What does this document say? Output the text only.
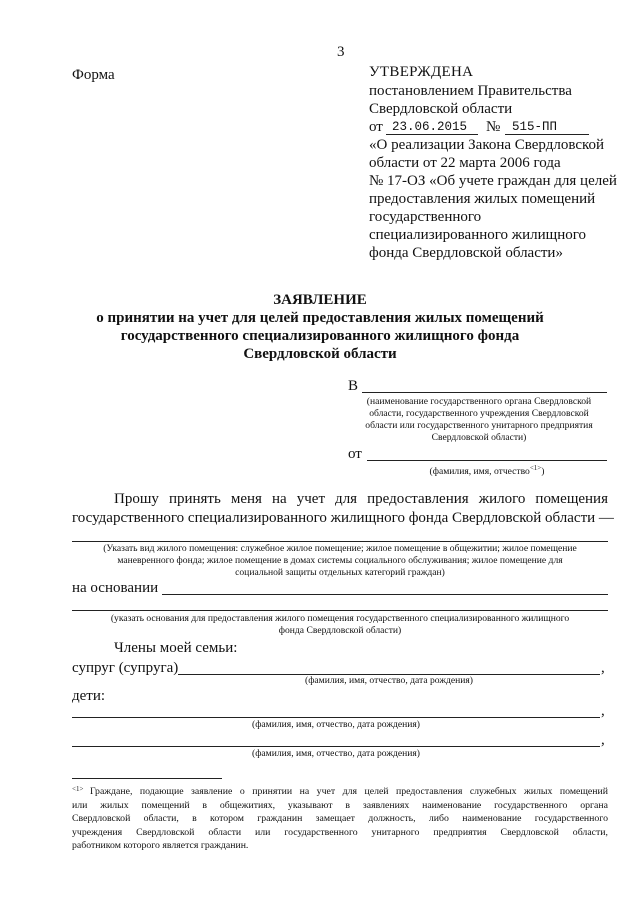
3
Форма	УТВЕРЖДЕНА
постановлением Правительства
Свердловской области
от 23.06.2015 № 515-ПП
«О реализации Закона Свердловской
области от 22 марта 2006 года
№ 17-ОЗ «Об учете граждан для целей
предоставления жилых помещений
государственного
специализированного жилищного
фонда Свердловской области»
ЗАЯВЛЕНИЕ
о принятии на учет для целей предоставления жилых помещений
государственного специализированного жилищного фонда
Свердловской области
В
(наименование государственного органа Свердловской
области, государственного учреждения Свердловской
области или государственного унитарного предприятия
Свердловской области)
от
(фамилия, имя, отчество$^{<1>}$)
Прошу принять меня на учет для предоставления жилого помещения
государственного специализированного жилищного фонда Свердловской области —
(Указать вид жилого помещения: служебное жилое помещение; жилое помещение в общежитии; жилое помещение
маневренного фонда; жилое помещение в домах системы социального обслуживания; жилое помещение для
социальной защиты отдельных категорий граждан)
на основании
(указать основания для предоставления жилого помещения государственного специализированного жилищного
фонда Свердловской области)
Члены моей семьи:
супруг (супруга)	,
(фамилия, имя, отчество, дата рождения)
дети:
,
(фамилия, имя, отчество, дата рождения)
,
(фамилия, имя, отчество, дата рождения)
<1> Граждане, подающие заявление о принятии на учет для целей предоставления служебных жилых помещений
или жилых помещений в общежитиях, указывают в заявлениях наименование государственного органа
Свердловской области, в котором гражданин замещает должность, либо наименование государственного
учреждения Свердловской области или государственного унитарного предприятия Свердловской области,
работником которого является гражданин.
